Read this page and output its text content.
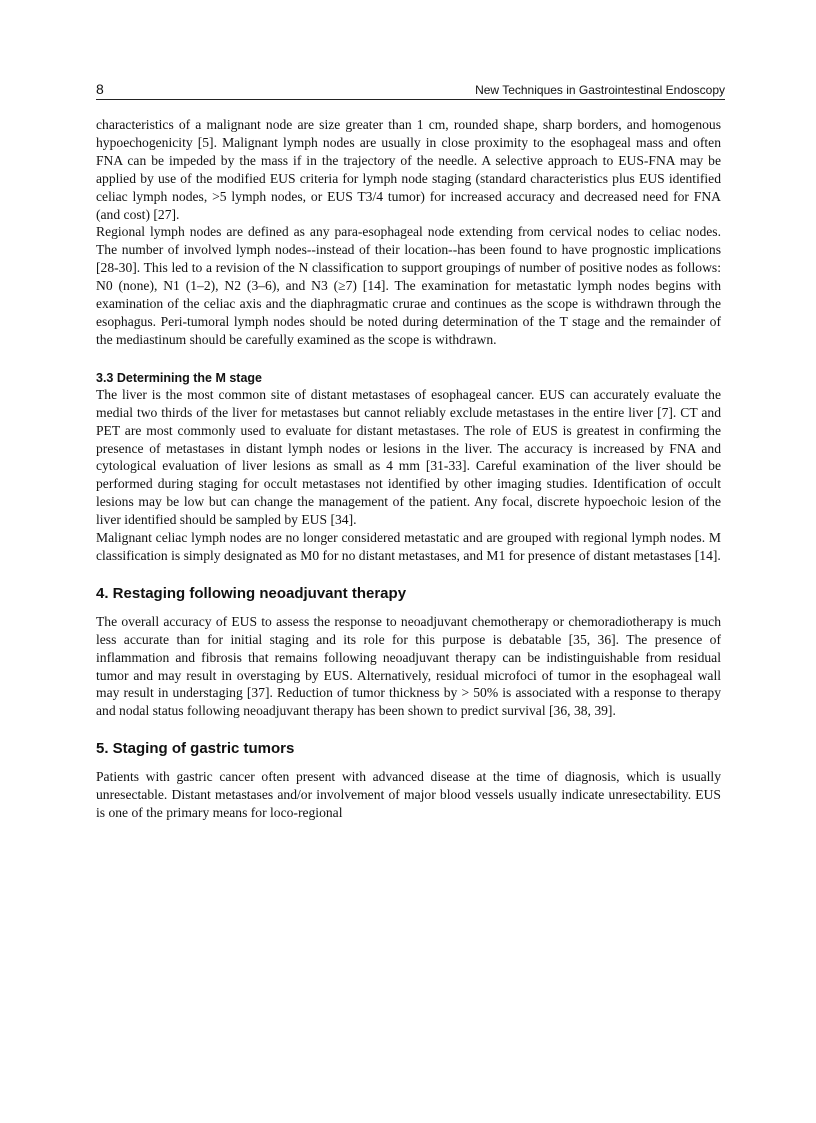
8	New Techniques in Gastrointestinal Endoscopy

characteristics of a malignant node are size greater than 1 cm, rounded shape, sharp borders, and homogenous hypoechogenicity [5]. Malignant lymph nodes are usually in close proximity to the esophageal mass and often FNA can be impeded by the mass if in the trajectory of the needle. A selective approach to EUS-FNA may be applied by use of the modified EUS criteria for lymph node staging (standard characteristics plus EUS identified celiac lymph nodes, >5 lymph nodes, or EUS T3/4 tumor) for increased accuracy and decreased need for FNA (and cost) [27].

Regional lymph nodes are defined as any para-esophageal node extending from cervical nodes to celiac nodes. The number of involved lymph nodes--instead of their location--has been found to have prognostic implications [28-30]. This led to a revision of the N classification to support groupings of number of positive nodes as follows: N0 (none), N1 (1–2), N2 (3–6), and N3 (≥7) [14]. The examination for metastatic lymph nodes begins with examination of the celiac axis and the diaphragmatic crurae and continues as the scope is withdrawn through the esophagus. Peri-tumoral lymph nodes should be noted during determination of the T stage and the remainder of the mediastinum should be carefully examined as the scope is withdrawn.

3.3 Determining the M stage

The liver is the most common site of distant metastases of esophageal cancer. EUS can accurately evaluate the medial two thirds of the liver for metastases but cannot reliably exclude metastases in the entire liver [7]. CT and PET are most commonly used to evaluate for distant metastases. The role of EUS is greatest in confirming the presence of metastases in distant lymph nodes or lesions in the liver. The accuracy is increased by FNA and cytological evaluation of liver lesions as small as 4 mm [31-33]. Careful examination of the liver should be performed during staging for occult metastases not identified by other imaging studies. Identification of occult lesions may be low but can change the management of the patient. Any focal, discrete hypoechoic lesion of the liver identified should be sampled by EUS [34].

Malignant celiac lymph nodes are no longer considered metastatic and are grouped with regional lymph nodes. M classification is simply designated as M0 for no distant metastases, and M1 for presence of distant metastases [14].

4. Restaging following neoadjuvant therapy

The overall accuracy of EUS to assess the response to neoadjuvant chemotherapy or chemoradiotherapy is much less accurate than for initial staging and its role for this purpose is debatable [35, 36]. The presence of inflammation and fibrosis that remains following neoadjuvant therapy can be indistinguishable from residual tumor and may result in overstaging by EUS. Alternatively, residual microfoci of tumor in the esophageal wall may result in understaging [37]. Reduction of tumor thickness by > 50% is associated with a response to therapy and nodal status following neoadjuvant therapy has been shown to predict survival [36, 38, 39].

5. Staging of gastric tumors

Patients with gastric cancer often present with advanced disease at the time of diagnosis, which is usually unresectable. Distant metastases and/or involvement of major blood vessels usually indicate unresectability. EUS is one of the primary means for loco-regional
